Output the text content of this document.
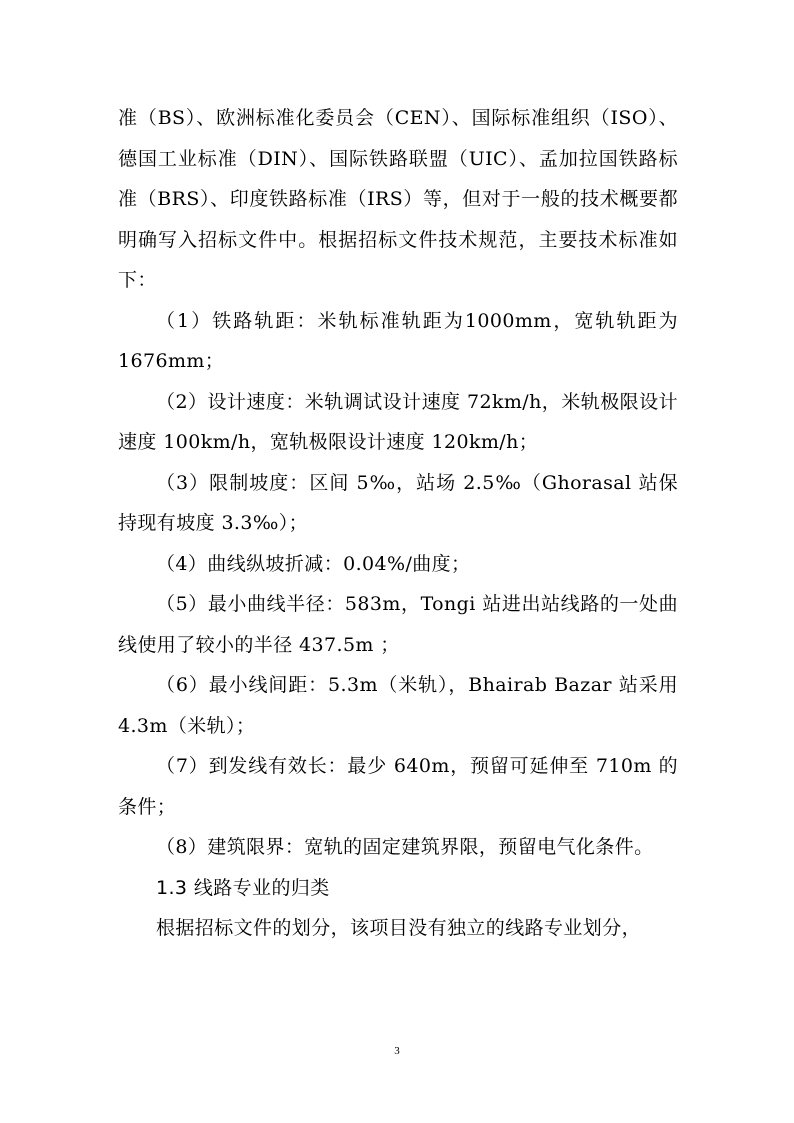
准（BS）、欧洲标准化委员会（CEN）、国际标准组织（ISO）、德国工业标准（DIN）、国际铁路联盟（UIC）、孟加拉国铁路标准（BRS）、印度铁路标准（IRS）等，但对于一般的技术概要都明确写入招标文件中。根据招标文件技术规范，主要技术标准如下：

（1）铁路轨距：米轨标准轨距为1000mm，宽轨轨距为1676mm；

（2）设计速度：米轨调试设计速度 72km/h，米轨极限设计速度 100km/h，宽轨极限设计速度 120km/h；

（3）限制坡度：区间 5‰，站场 2.5‰（Ghorasal 站保持现有坡度 3.3‰）；

（4）曲线纵坡折减：0.04%/曲度；

（5）最小曲线半径：583m，Tongi 站进出站线路的一处曲线使用了较小的半径 437.5m ；

（6）最小线间距：5.3m（米轨），Bhairab Bazar 站采用 4.3m（米轨）；

（7）到发线有效长：最少 640m，预留可延伸至 710m 的条件；

（8）建筑限界：宽轨的固定建筑界限，预留电气化条件。

1.3 线路专业的归类

根据招标文件的划分，该项目没有独立的线路专业划分，

3
